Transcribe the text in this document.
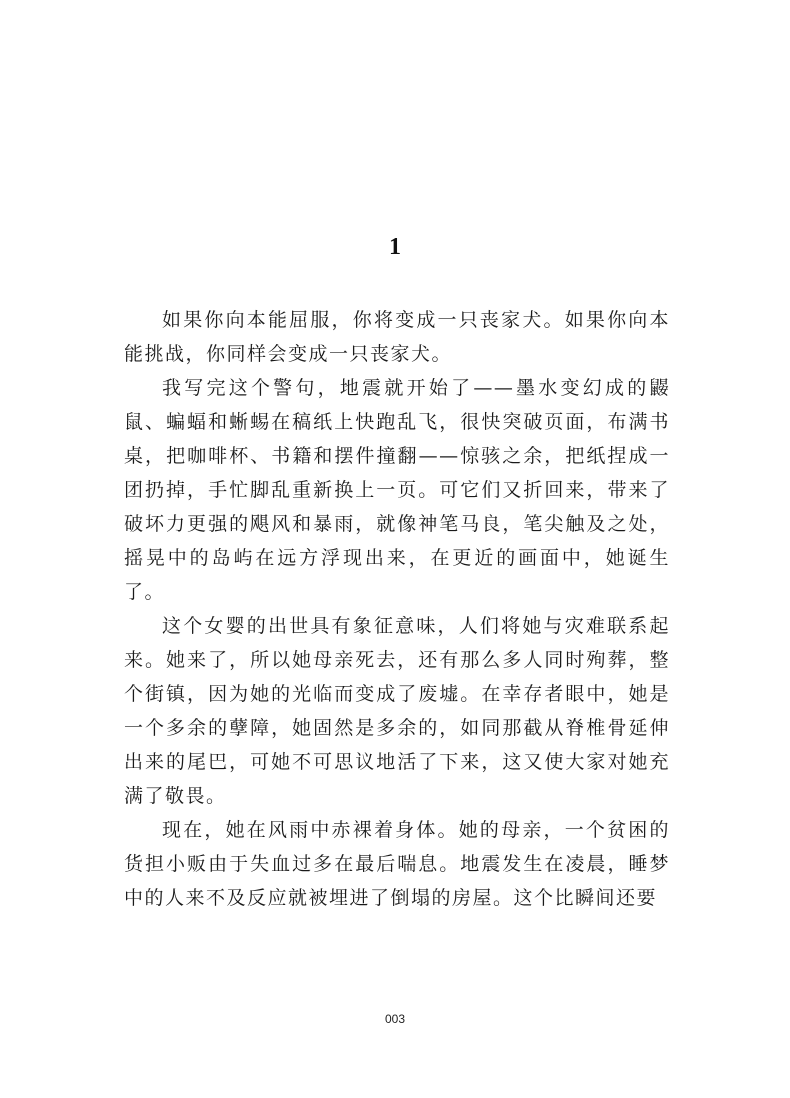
1

如果你向本能屈服，你将变成一只丧家犬。如果你向本能挑战，你同样会变成一只丧家犬。

我写完这个警句，地震就开始了——墨水变幻成的鼹鼠、蝙蝠和蜥蜴在稿纸上快跑乱飞，很快突破页面，布满书桌，把咖啡杯、书籍和摆件撞翻——惊骇之余，把纸捏成一团扔掉，手忙脚乱重新换上一页。可它们又折回来，带来了破坏力更强的飓风和暴雨，就像神笔马良，笔尖触及之处，摇晃中的岛屿在远方浮现出来，在更近的画面中，她诞生了。

这个女婴的出世具有象征意味，人们将她与灾难联系起来。她来了，所以她母亲死去，还有那么多人同时殉葬，整个街镇，因为她的光临而变成了废墟。在幸存者眼中，她是一个多余的孽障，她固然是多余的，如同那截从脊椎骨延伸出来的尾巴，可她不可思议地活了下来，这又使大家对她充满了敬畏。

现在，她在风雨中赤裸着身体。她的母亲，一个贫困的货担小贩由于失血过多在最后喘息。地震发生在凌晨，睡梦中的人来不及反应就被埋进了倒塌的房屋。这个比瞬间还要

003
